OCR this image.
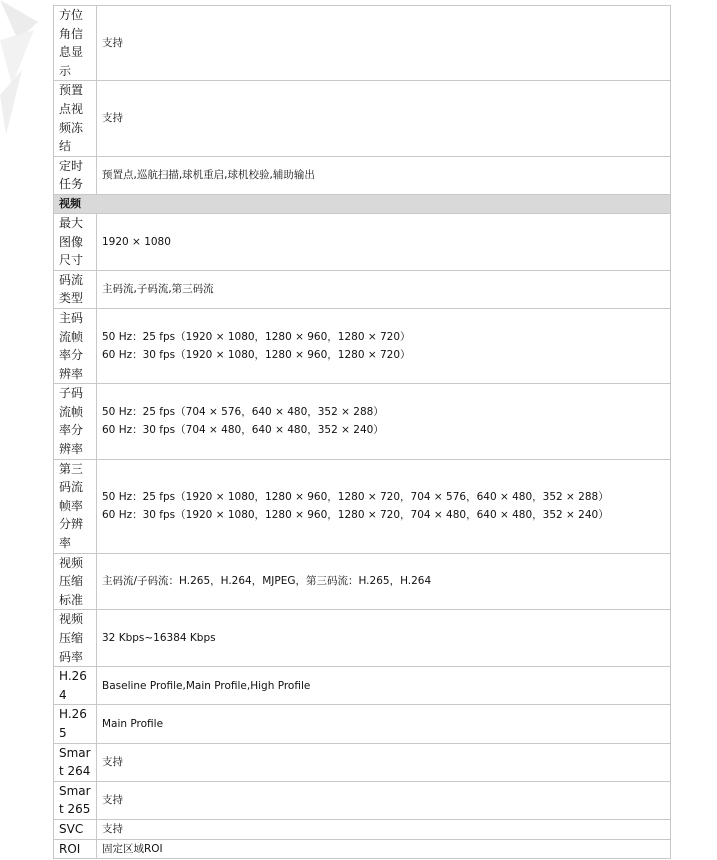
方位角信息显示	支持

预置点视频冻结	支持

定时任务	预置点,巡航扫描,球机重启,球机校验,辅助输出

视频	
最大图像尺寸	1920 × 1080

码流类型	主码流,子码流,第三码流

主码流帧率分辨率	50 Hz：25 fps（1920 × 1080，1280 × 960，1280 × 720）
60 Hz：30 fps（1920 × 1080，1280 × 960，1280 × 720）

子码流帧率分辨率	50 Hz：25 fps（704 × 576，640 × 480，352 × 288）
60 Hz：30 fps（704 × 480，640 × 480，352 × 240）

第三码流帧率分辨率	50 Hz：25 fps（1920 × 1080，1280 × 960，1280 × 720，704 × 576，640 × 480，352 × 288）
60 Hz：30 fps（1920 × 1080，1280 × 960，1280 × 720，704 × 480，640 × 480，352 × 240）

视频压缩标准	主码流/子码流：H.265，H.264，MJPEG，第三码流：H.265，H.264

视频压缩码率	32 Kbps~16384 Kbps

H.264	Baseline Profile,Main Profile,High Profile

H.265	Main Profile

Smart 264	支持

Smart 265	支持

SVC	支持

ROI	固定区域ROI
